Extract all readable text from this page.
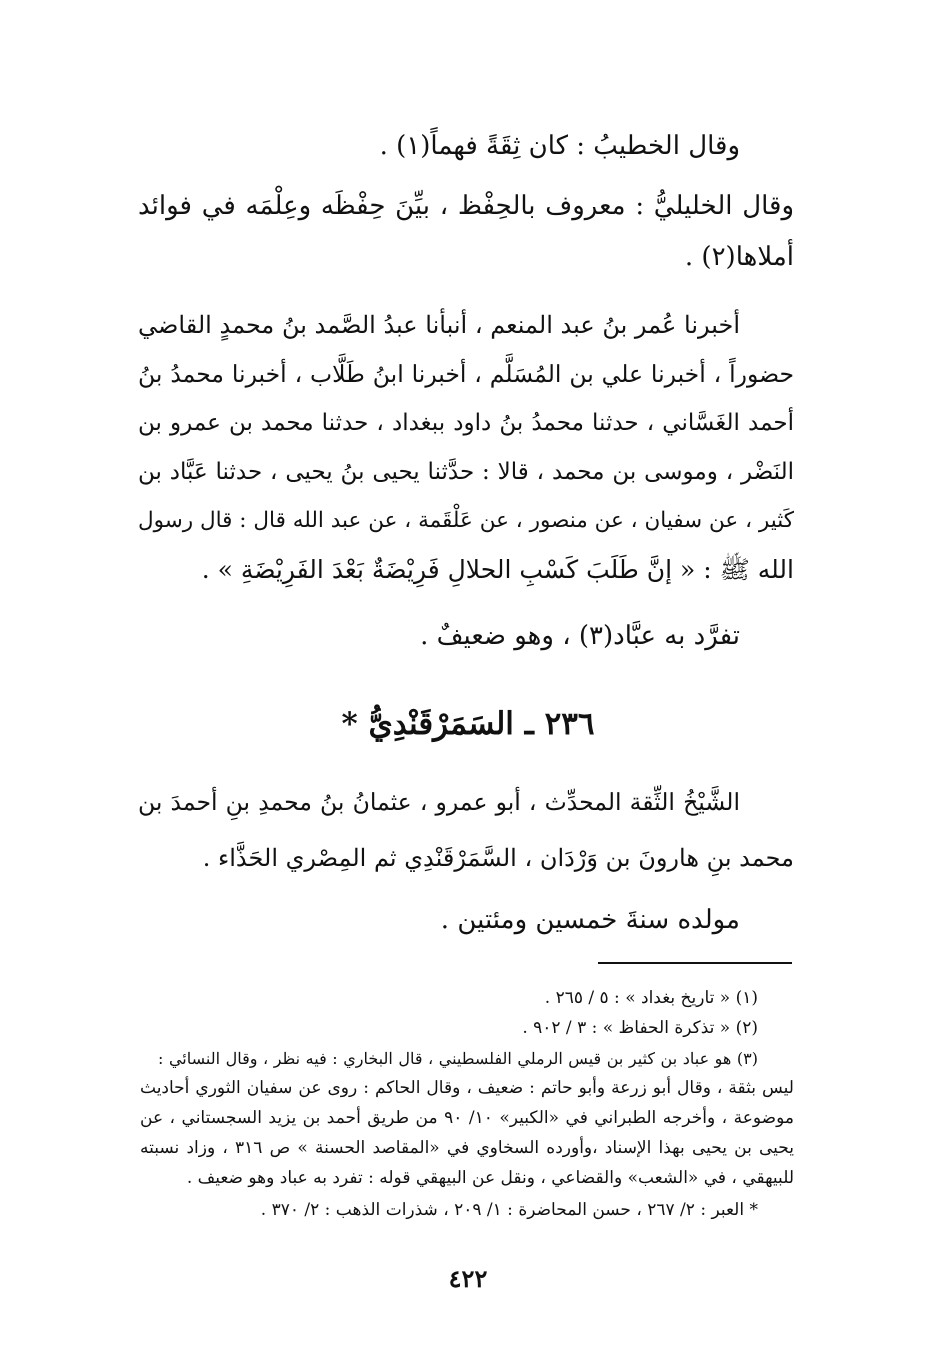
وقال الخطيبُ : كان ثِقَةً فهماً(١) .
وقال الخليليُّ : معروف بالحِفْظ ، بيِّنَ حِفْظَه وعِلْمَه في فوائد
أملاها(٢) .
أخبرنا عُمر بنُ عبد المنعم ، أنبأنا عبدُ الصَّمد بنُ محمدٍ القاضي
حضوراً ، أخبرنا علي بن المُسَلَّم ، أخبرنا ابنُ طَلَّاب ، أخبرنا محمدُ بنُ
أحمد الغَسَّاني ، حدثنا محمدُ بنُ داود ببغداد ، حدثنا محمد بن عمرو بن
النَضْر ، وموسى بن محمد ، قالا : حدَّثنا يحيى بنُ يحيى ، حدثنا عَبَّاد بن
كَثير ، عن سفيان ، عن منصور ، عن عَلْقَمة ، عن عبد الله قال : قال رسول
الله ﷺ : « إنَّ طَلَبَ كَسْبِ الحلالِ فَرِيْضَةٌ بَعْدَ الفَرِيْضَةِ » .
تفرَّد به عبَّاد(٣) ، وهو ضعيفٌ .
٢٣٦ ـ السَمَرْقَنْدِيُّ *
الشَّيْخُ الثِّقة المحدِّث ، أبو عمرو ، عثمانُ بنُ محمدِ بنِ أحمدَ بن
محمد بنِ هارونَ بن وَرْدَان ، السَّمَرْقَنْدِي ثم المِصْري الحَذَّاء .
مولده سنةَ خمسين ومئتين .
(١) « تاريخ بغداد » : ٥ / ٢٦٥ .
(٢) « تذكرة الحفاظ » : ٣ / ٩٠٢ .
(٣) هو عباد بن كثير بن قيس الرملي الفلسطيني ، قال البخاري : فيه نظر ، وقال النسائي :
ليس بثقة ، وقال أبو زرعة وأبو حاتم : ضعيف ، وقال الحاكم : روى عن سفيان الثوري أحاديث
موضوعة ، وأخرجه الطبراني في «الكبير» ١٠/ ٩٠ من طريق أحمد بن يزيد السجستاني ، عن
يحيى بن يحيى بهذا الإسناد ،وأورده السخاوي في «المقاصد الحسنة » ص ٣١٦ ، وزاد نسبته
للبيهقي ، في «الشعب» والقضاعي ، ونقل عن البيهقي قوله : تفرد به عباد وهو ضعيف .
* العبر : ٢/ ٢٦٧ ، حسن المحاضرة : ١/ ٢٠٩ ، شذرات الذهب : ٢/ ٣٧٠ .
٤٢٢
